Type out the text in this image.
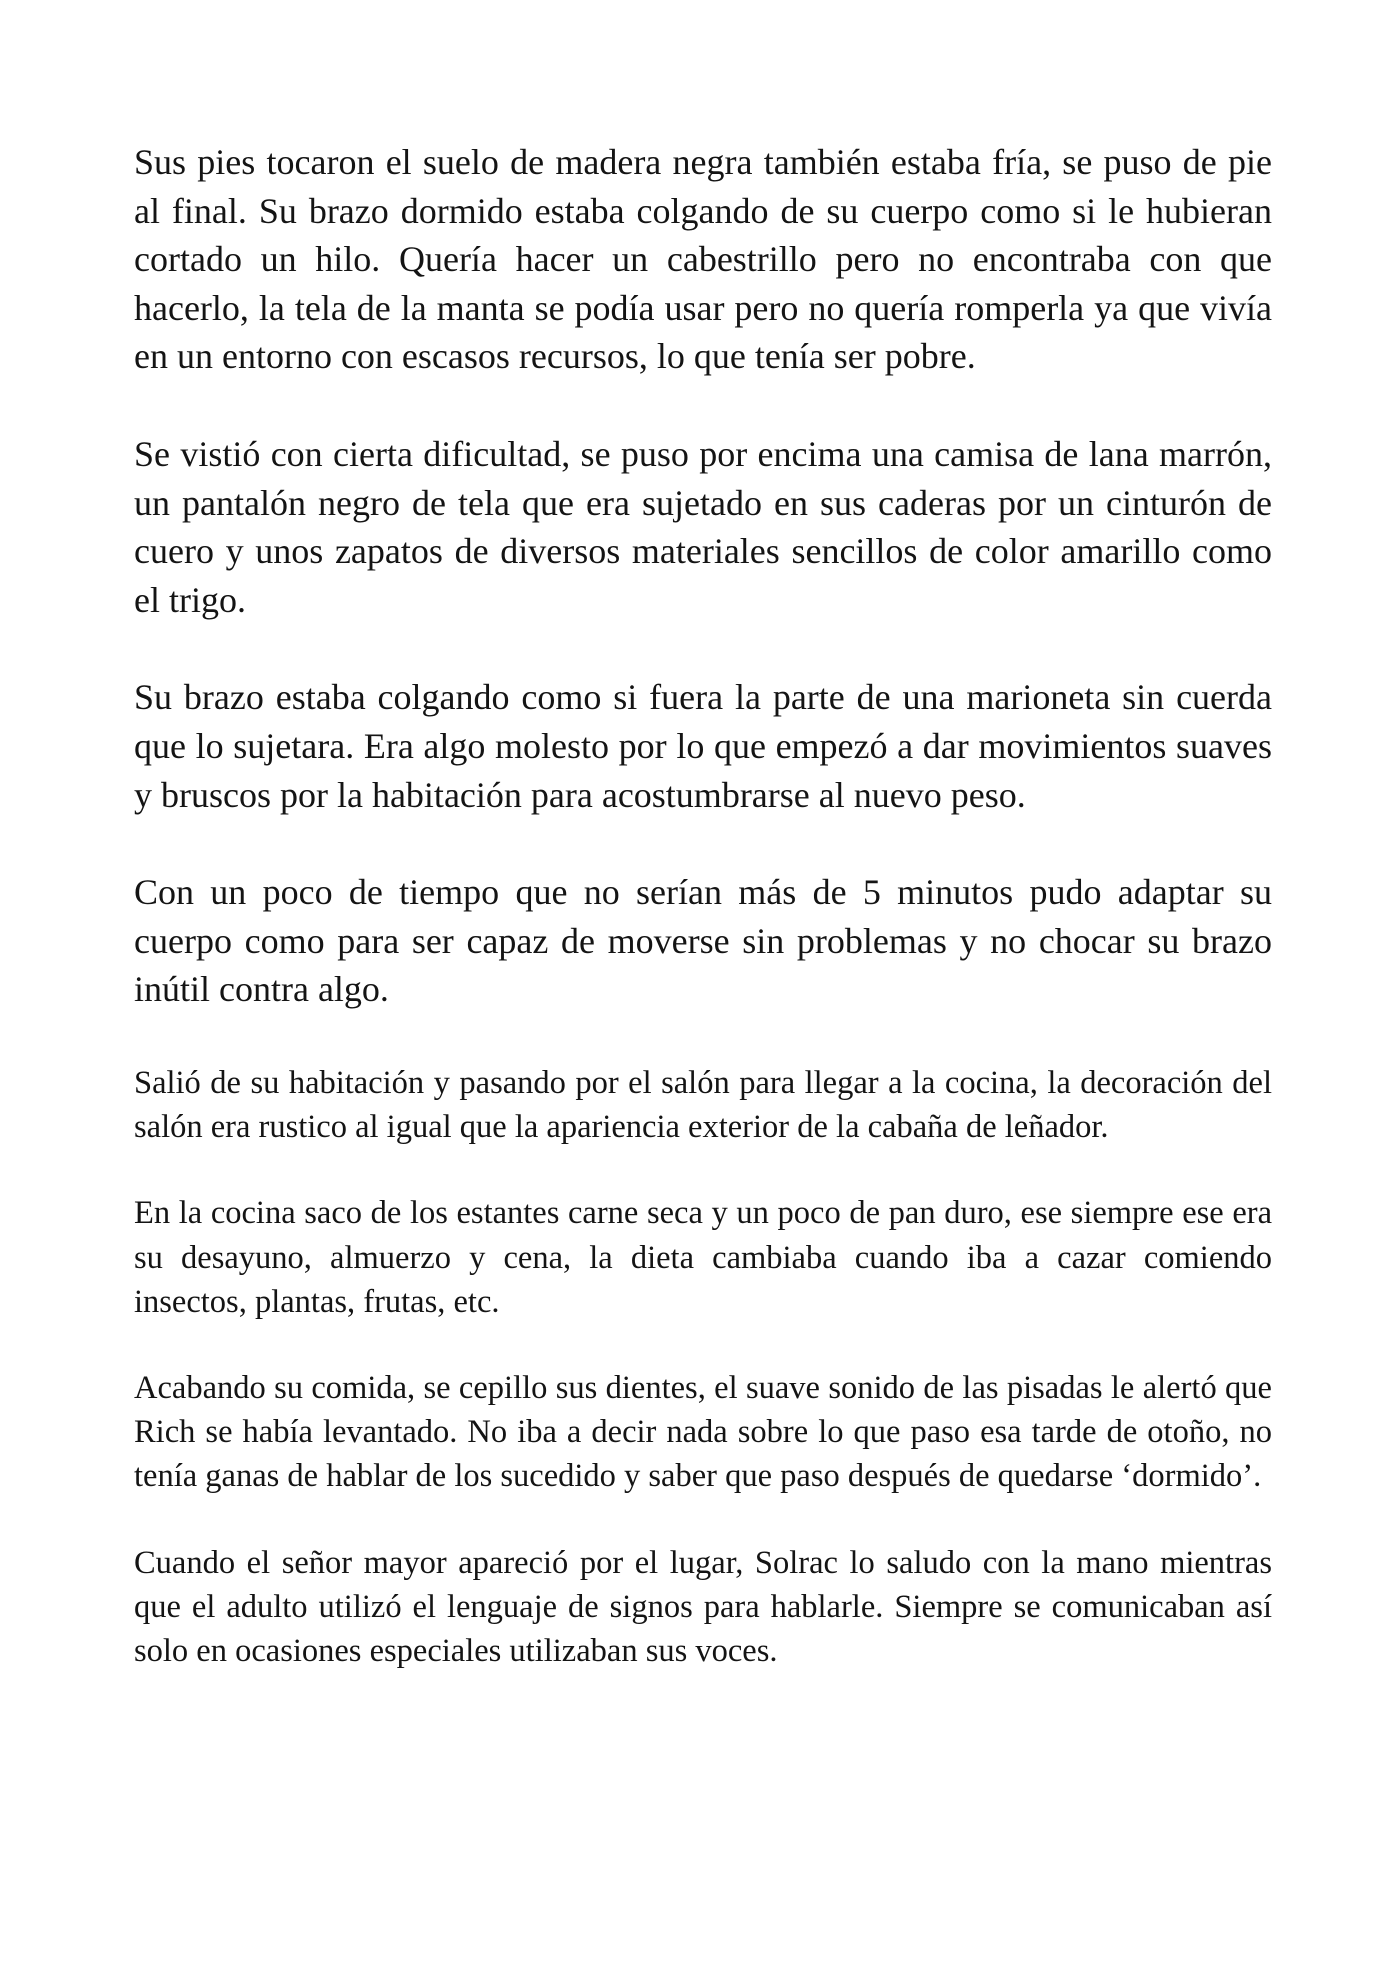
Sus pies tocaron el suelo de madera negra también estaba fría, se puso de pie al final. Su brazo dormido estaba colgando de su cuerpo como si le hubieran cortado un hilo. Quería hacer un cabestrillo pero no encontraba con que hacerlo, la tela de la manta se podía usar pero no quería romperla ya que vivía en un entorno con escasos recursos, lo que tenía ser pobre.

Se vistió con cierta dificultad, se puso por encima una camisa de lana marrón, un pantalón negro de tela que era sujetado en sus caderas por un cinturón de cuero y unos zapatos de diversos materiales sencillos de color amarillo como el trigo.

Su brazo estaba colgando como si fuera la parte de una marioneta sin cuerda que lo sujetara. Era algo molesto por lo que empezó a dar movimientos suaves y bruscos por la habitación para acostumbrarse al nuevo peso.

Con un poco de tiempo que no serían más de 5 minutos pudo adaptar su cuerpo como para ser capaz de moverse sin problemas y no chocar su brazo inútil contra algo.

Salió de su habitación y pasando por el salón para llegar a la cocina, la decoración del salón era rustico al igual que la apariencia exterior de la cabaña de leñador.

En la cocina saco de los estantes carne seca y un poco de pan duro, ese siempre ese era su desayuno, almuerzo y cena, la dieta cambiaba cuando iba a cazar comiendo insectos, plantas, frutas, etc.

Acabando su comida, se cepillo sus dientes, el suave sonido de las pisadas le alertó que Rich se había levantado. No iba a decir nada sobre lo que paso esa tarde de otoño, no tenía ganas de hablar de los sucedido y saber que paso después de quedarse ‘dormido’.

Cuando el señor mayor apareció por el lugar, Solrac lo saludo con la mano mientras que el adulto utilizó el lenguaje de signos para hablarle. Siempre se comunicaban así solo en ocasiones especiales utilizaban sus voces.
